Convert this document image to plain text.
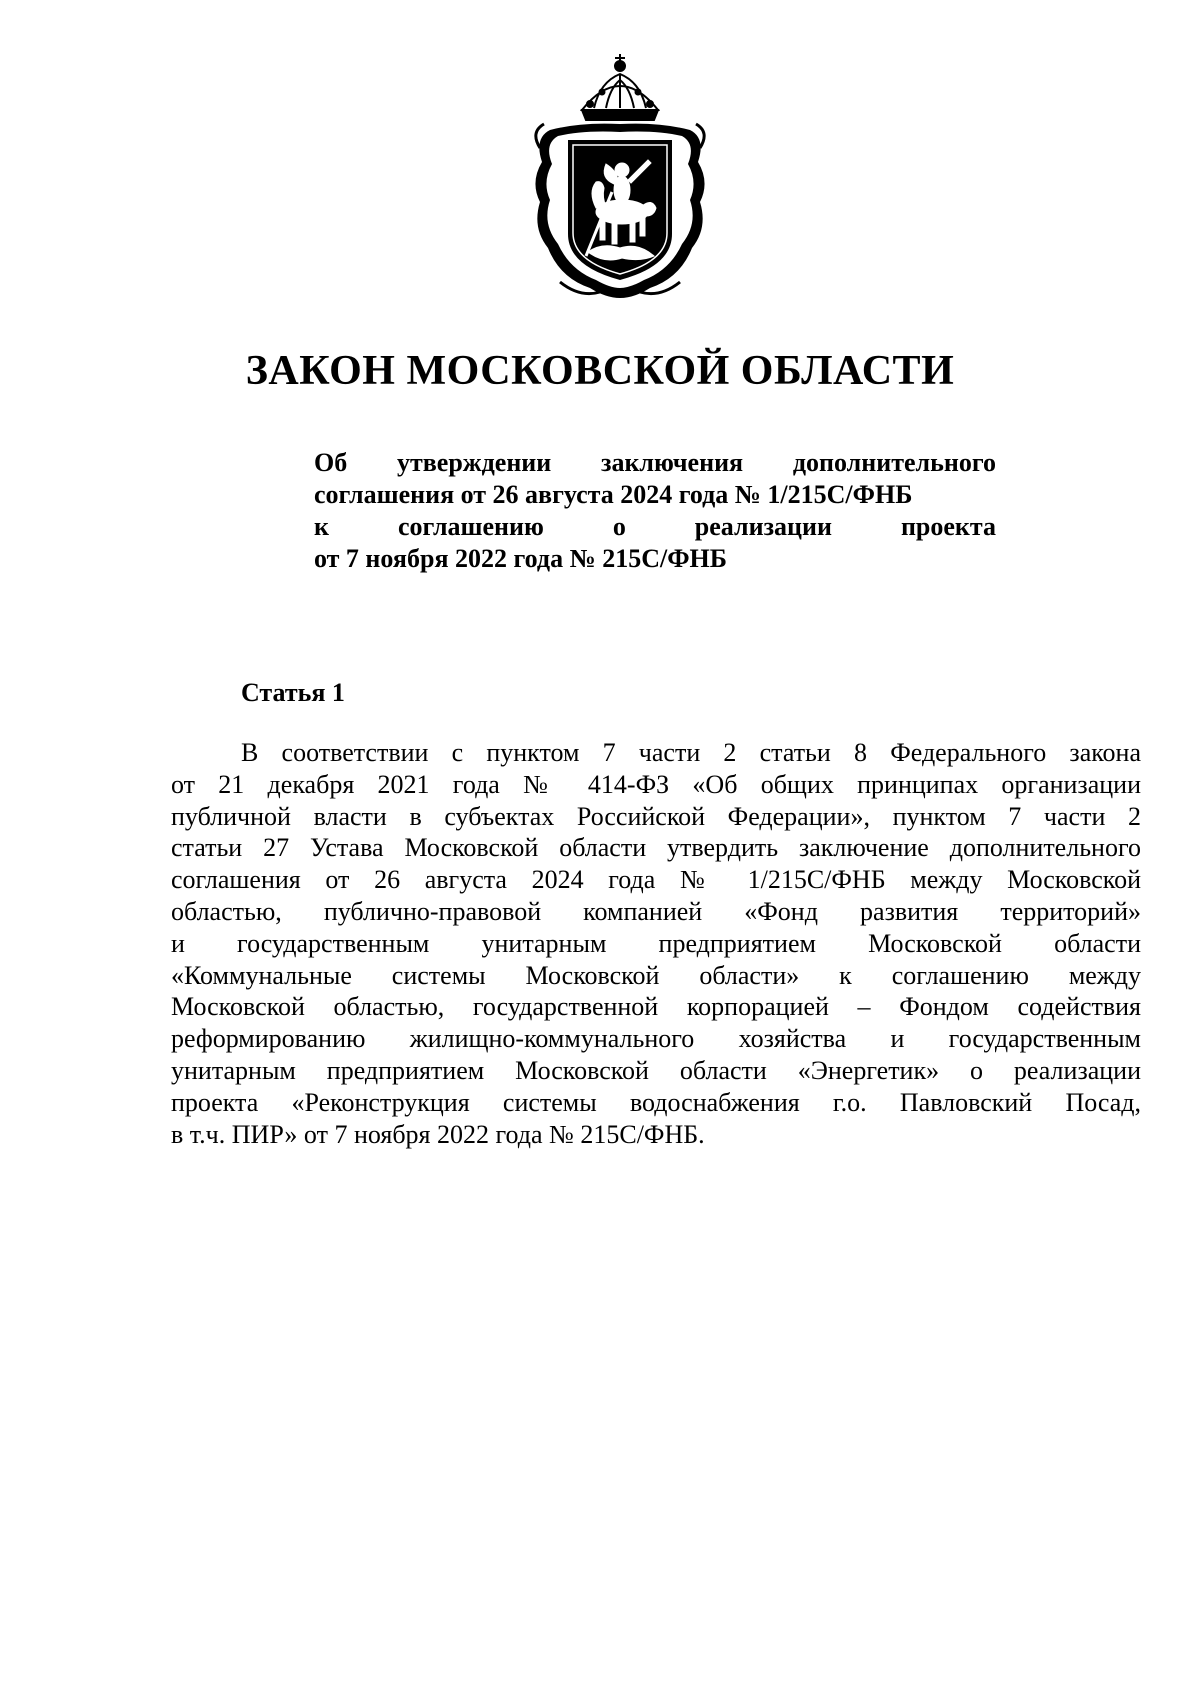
ЗАКОН МОСКОВСКОЙ ОБЛАСТИ
Об утверждении заключения дополнительного
соглашения от 26 августа 2024 года № 1/215С/ФНБ
к соглашению о реализации проекта
от 7 ноября 2022 года № 215С/ФНБ
Статья 1
В соответствии с пунктом 7 части 2 статьи 8 Федерального закона
от 21 декабря 2021 года № 414-ФЗ «Об общих принципах организации
публичной власти в субъектах Российской Федерации», пунктом 7 части 2
статьи 27 Устава Московской области утвердить заключение дополнительного
соглашения от 26 августа 2024 года № 1/215С/ФНБ между Московской
областью, публично-правовой компанией «Фонд развития территорий»
и государственным унитарным предприятием Московской области
«Коммунальные системы Московской области» к соглашению между
Московской областью, государственной корпорацией – Фондом содействия
реформированию жилищно-коммунального хозяйства и государственным
унитарным предприятием Московской области «Энергетик» о реализации
проекта «Реконструкция системы водоснабжения г.о. Павловский Посад,
в т.ч. ПИР» от 7 ноября 2022 года № 215С/ФНБ.
